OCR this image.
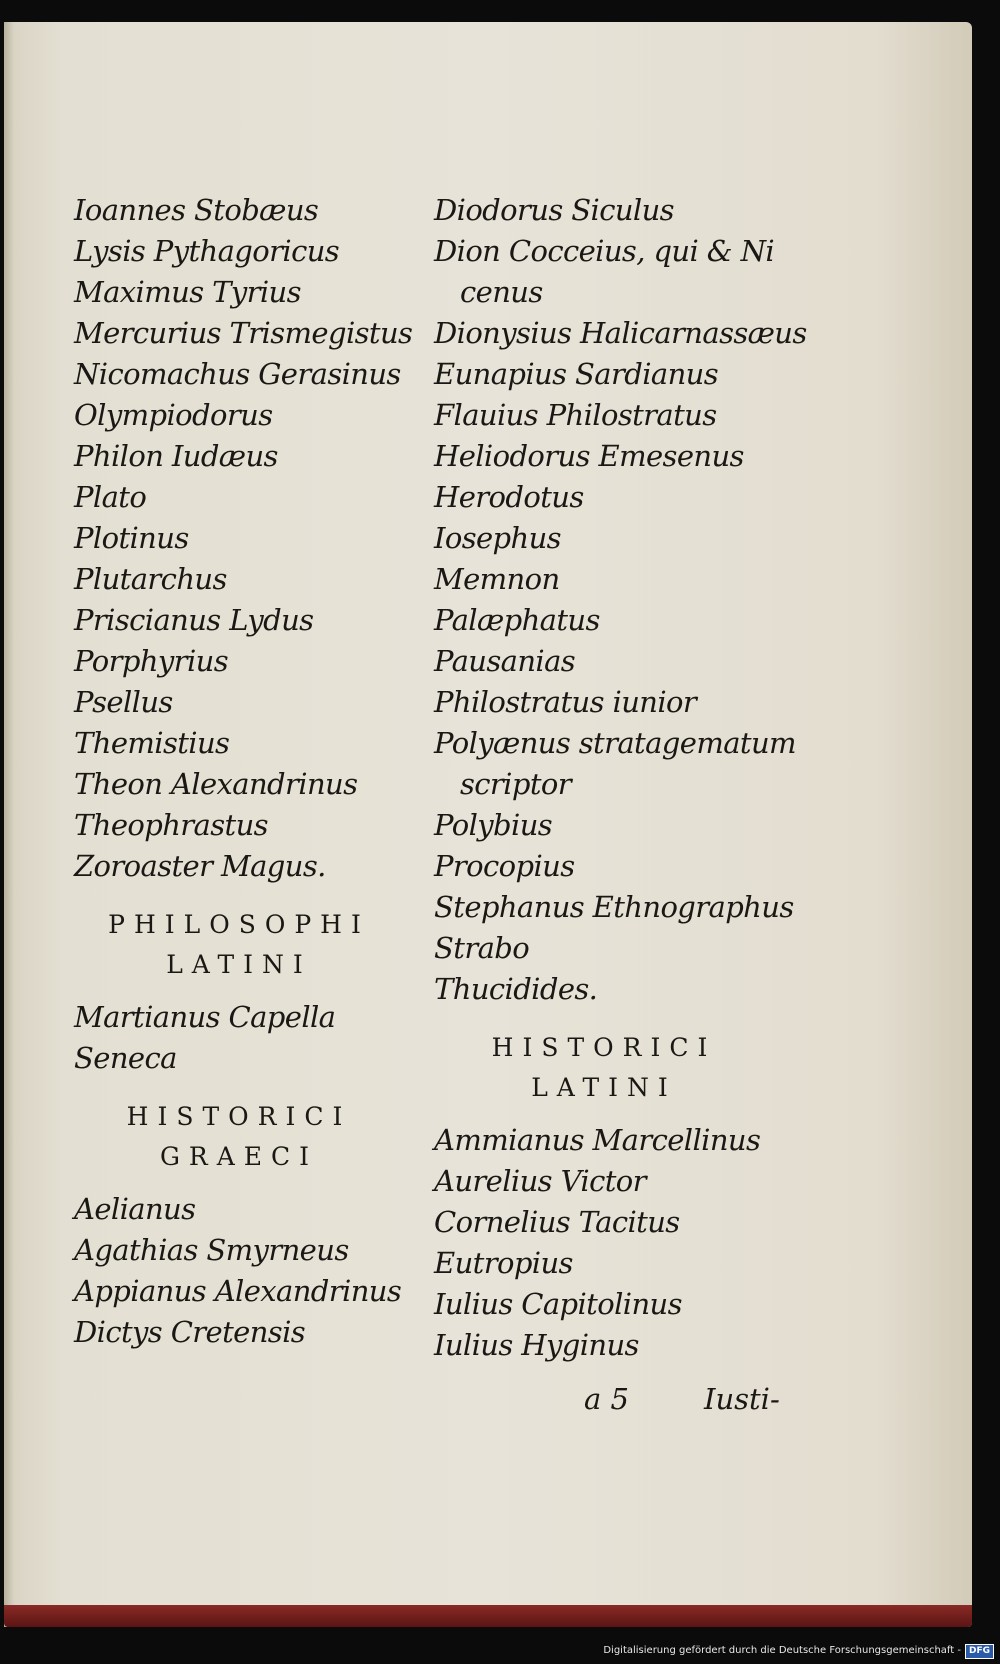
Ioannes Stobæus
Lysis Pythagoricus
Maximus Tyrius
Mercurius Trismegistus
Nicomachus Gerasinus
Olympiodorus
Philon Iudæus
Plato
Plotinus
Plutarchus
Priscianus Lydus
Porphyrius
Psellus
Themistius
Theon Alexandrinus
Theophrastus
Zoroaster Magus.
PHILOSOPHI
LATINI
Martianus Capella
Seneca
HISTORICI
GRAECI
Aelianus
Agathias Smyrneus
Appianus Alexandrinus
Dictys Cretensis
Diodorus Siculus
Dion Cocceius, qui & Ni
cenus
Dionysius Halicarnassæus
Eunapius Sardianus
Flauius Philostratus
Heliodorus Emesenus
Herodotus
Iosephus
Memnon
Palæphatus
Pausanias
Philostratus iunior
Polyænus stratagematum
scriptor
Polybius
Procopius
Stephanus Ethnographus
Strabo
Thucidides.
HISTORICI
LATINI
Ammianus Marcellinus
Aurelius Victor
Cornelius Tacitus
Eutropius
Iulius Capitolinus
Iulius Hyginus
a 5	Iusti-
Digitalisierung gefördert durch die Deutsche Forschungsgemeinschaft - DFG
